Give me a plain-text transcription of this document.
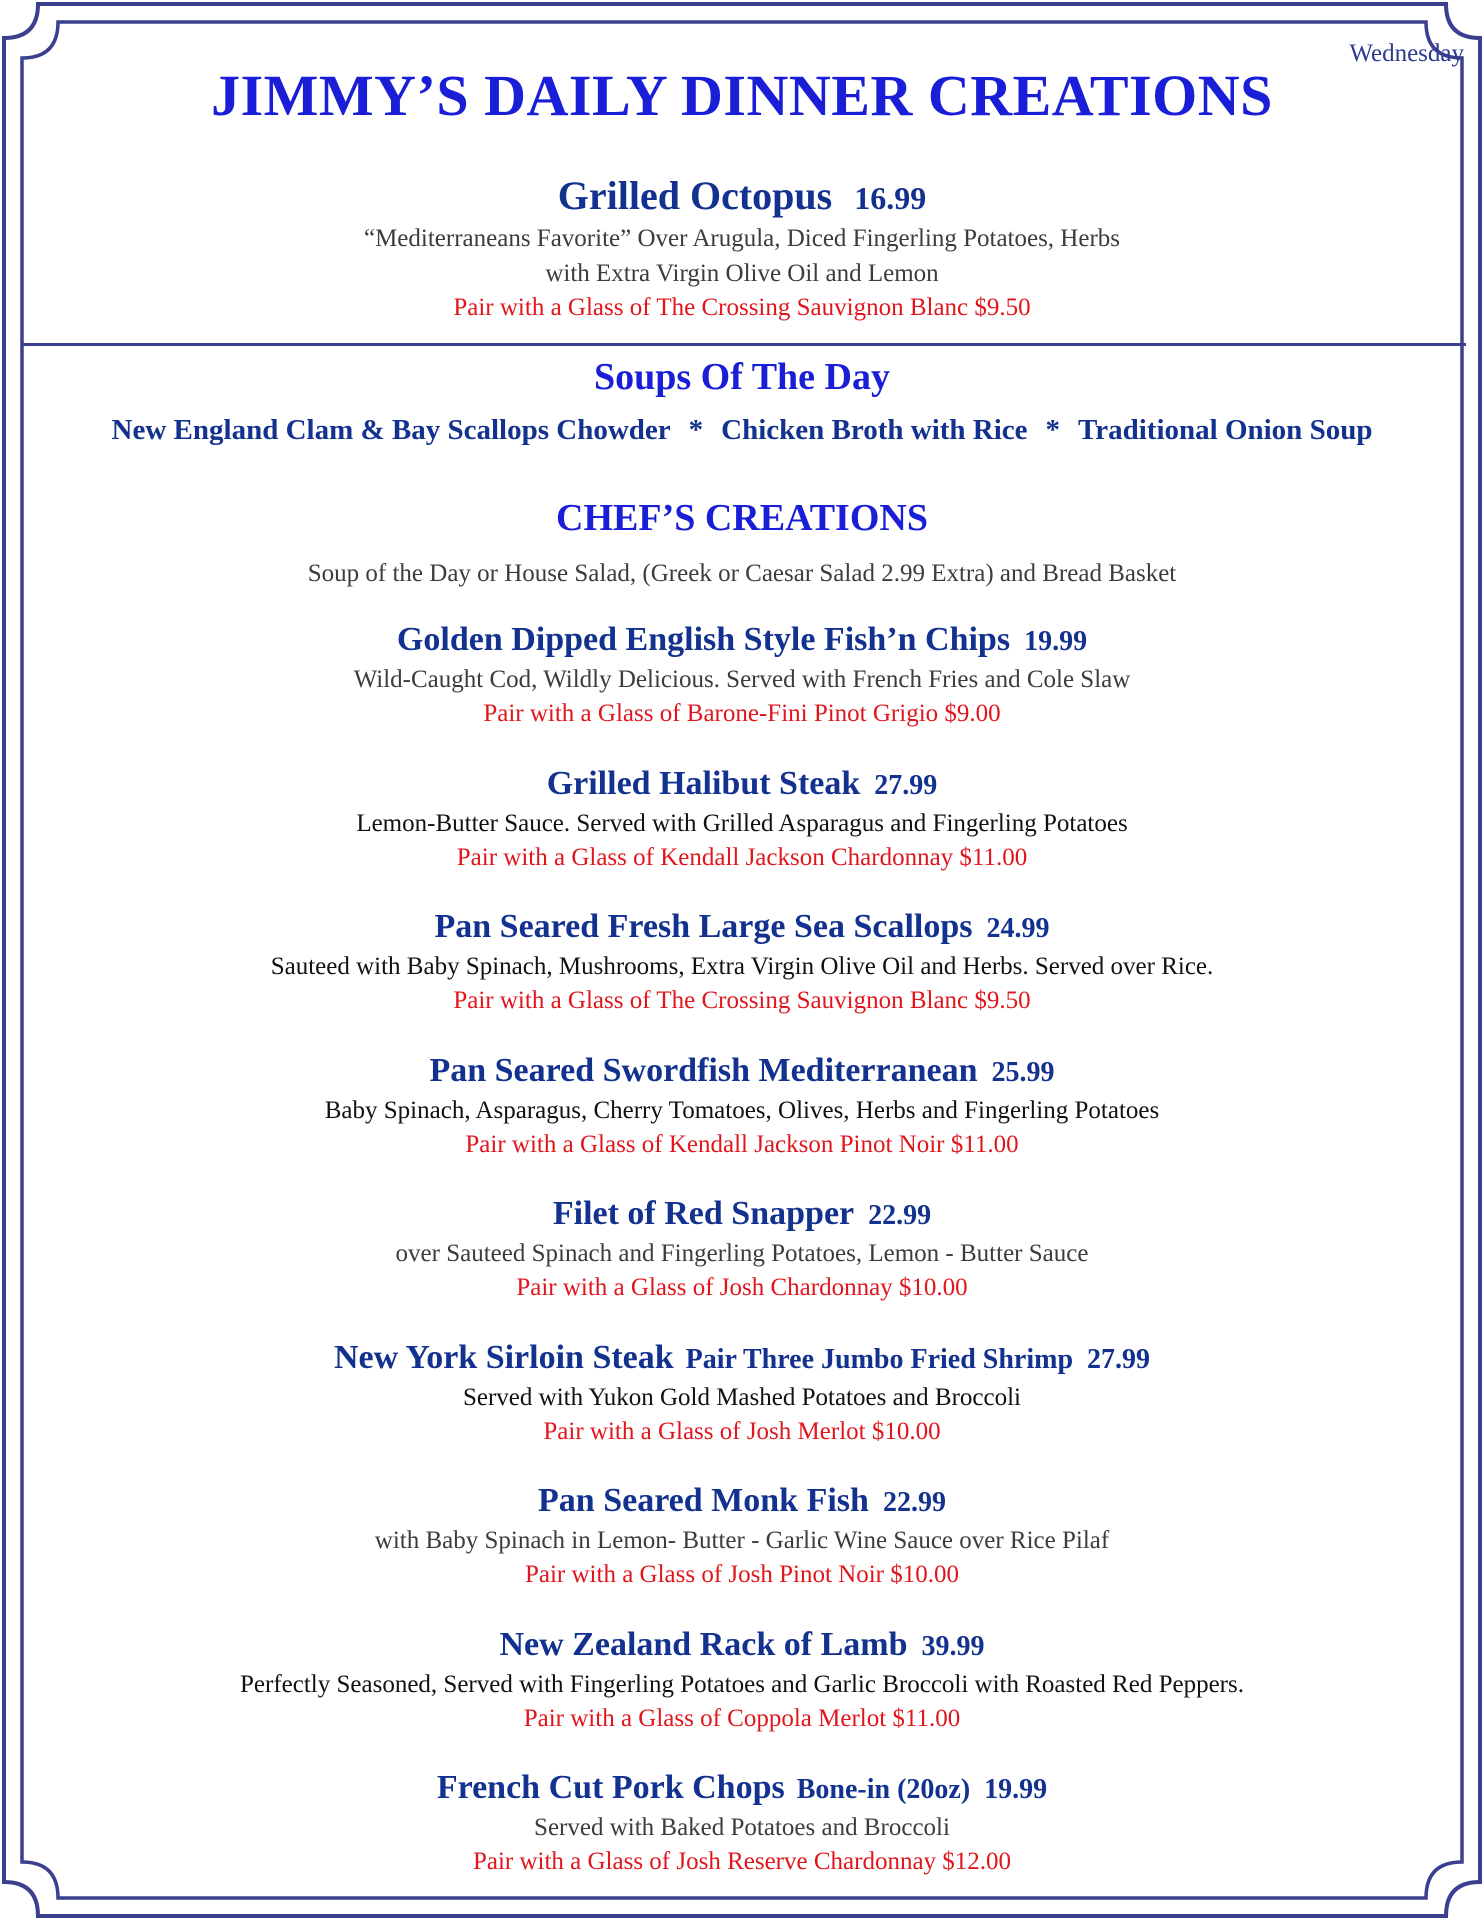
Wednesday
JIMMY’S DAILY DINNER CREATIONS
Grilled Octopus 16.99
“Mediterraneans Favorite” Over Arugula, Diced Fingerling Potatoes, Herbs
with Extra Virgin Olive Oil and Lemon
Pair with a Glass of The Crossing Sauvignon Blanc $9.50
Soups Of The Day
New England Clam & Bay Scallops Chowder * Chicken Broth with Rice * Traditional Onion Soup
CHEF’S CREATIONS
Soup of the Day or House Salad, (Greek or Caesar Salad 2.99 Extra) and Bread Basket
Golden Dipped English Style Fish’n Chips 19.99
Wild-Caught Cod, Wildly Delicious. Served with French Fries and Cole Slaw
Pair with a Glass of Barone-Fini Pinot Grigio $9.00
Grilled Halibut Steak 27.99
Lemon-Butter Sauce. Served with Grilled Asparagus and Fingerling Potatoes
Pair with a Glass of Kendall Jackson Chardonnay $11.00
Pan Seared Fresh Large Sea Scallops 24.99
Sauteed with Baby Spinach, Mushrooms, Extra Virgin Olive Oil and Herbs. Served over Rice.
Pair with a Glass of The Crossing Sauvignon Blanc $9.50
Pan Seared Swordfish Mediterranean 25.99
Baby Spinach, Asparagus, Cherry Tomatoes, Olives, Herbs and Fingerling Potatoes
Pair with a Glass of Kendall Jackson Pinot Noir $11.00
Filet of Red Snapper 22.99
over Sauteed Spinach and Fingerling Potatoes, Lemon - Butter Sauce
Pair with a Glass of Josh Chardonnay $10.00
New York Sirloin Steak Pair Three Jumbo Fried Shrimp 27.99
Served with Yukon Gold Mashed Potatoes and Broccoli
Pair with a Glass of Josh Merlot $10.00
Pan Seared Monk Fish 22.99
with Baby Spinach in Lemon- Butter - Garlic Wine Sauce over Rice Pilaf
Pair with a Glass of Josh Pinot Noir $10.00
New Zealand Rack of Lamb 39.99
Perfectly Seasoned, Served with Fingerling Potatoes and Garlic Broccoli with Roasted Red Peppers.
Pair with a Glass of Coppola Merlot $11.00
French Cut Pork Chops Bone-in (20oz) 19.99
Served with Baked Potatoes and Broccoli
Pair with a Glass of Josh Reserve Chardonnay $12.00
